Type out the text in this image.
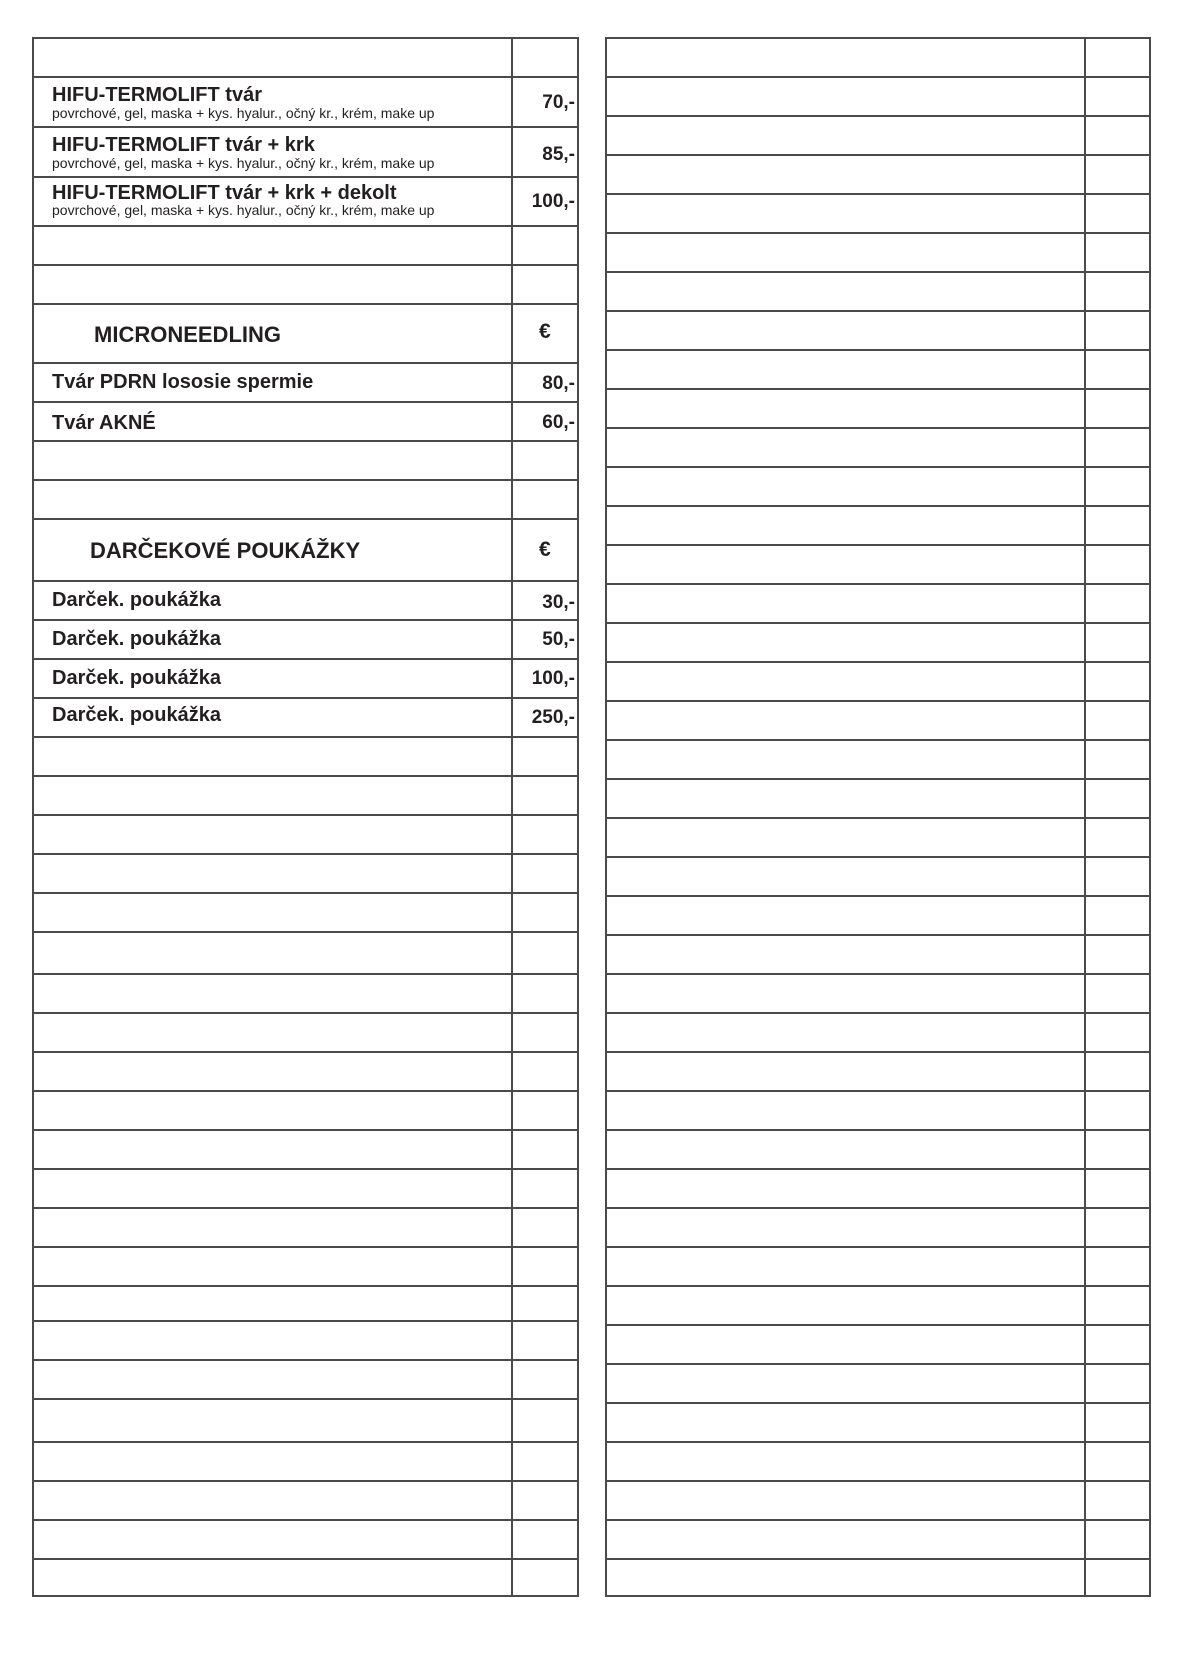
HIFU-TERMOLIFT tvár
povrchové, gel, maska + kys. hyalur., očný kr., krém, make up	70,-
HIFU-TERMOLIFT tvár + krk
povrchové, gel, maska + kys. hyalur., očný kr., krém, make up	85,-
HIFU-TERMOLIFT tvár + krk + dekolt
povrchové, gel, maska + kys. hyalur., očný kr., krém, make up	100,-
MICRONEEDLING	€
Tvár PDRN lososie spermie	80,-
Tvár AKNÉ	60,-
DARČEKOVÉ POUKÁŽKY	€
Darček. poukážka	30,-
Darček. poukážka	50,-
Darček. poukážka	100,-
Darček. poukážka	250,-
